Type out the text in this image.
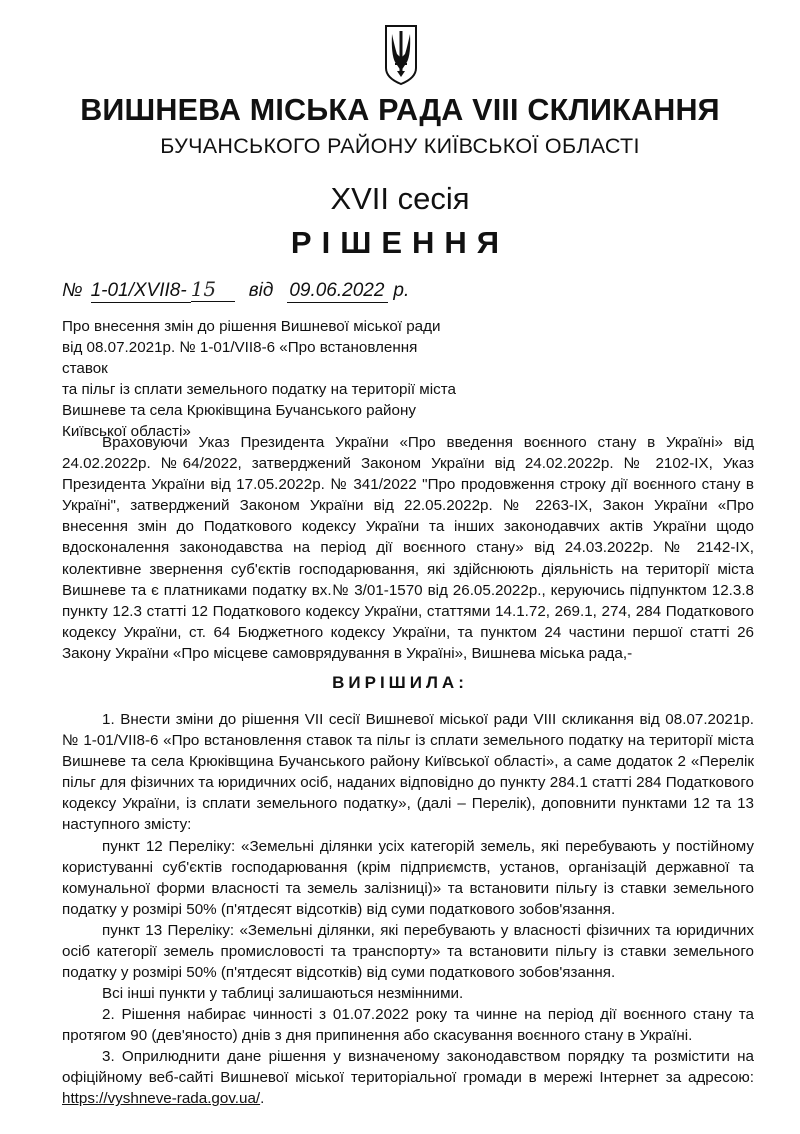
ВИШНЕВА МІСЬКА РАДА VIII СКЛИКАННЯ
БУЧАНСЬКОГО РАЙОНУ КИЇВСЬКОЇ ОБЛАСТІ
XVII сесія
РІШЕННЯ
№ 1-01/XVII8- 15	від 09.06.2022 р.
Про внесення змін до рішення Вишневої міської ради
від 08.07.2021р. № 1-01/VII8-6 «Про встановлення ставок
та пільг із сплати земельного податку на території міста
Вишневе та села Крюківщина Бучанського району
Київської області»

Враховуючи Указ Президента України «Про введення воєнного стану в Україні» від 24.02.2022р. №64/2022, затверджений Законом України від 24.02.2022р. № 2102-IX, Указ Президента України від 17.05.2022р. № 341/2022 "Про продовження строку дії воєнного стану в Україні", затверджений Законом України від 22.05.2022р. № 2263-IX, Закон України «Про внесення змін до Податкового кодексу України та інших законодавчих актів України щодо вдосконалення законодавства на період дії воєнного стану» від 24.03.2022р. № 2142-IX, колективне звернення суб'єктів господарювання, які здійснюють діяльність на території міста Вишневе та є платниками податку вх.№ 3/01-1570 від 26.05.2022р., керуючись підпунктом 12.3.8 пункту 12.3 статті 12 Податкового кодексу України, статтями 14.1.72, 269.1, 274, 284 Податкового кодексу України, ст. 64 Бюджетного кодексу України, та пунктом 24 частини першої статті 26 Закону України «Про місцеве самоврядування в Україні», Вишнева міська рада,-

ВИРІШИЛА:

1. Внести зміни до рішення VII сесії Вишневої міської ради VIII скликання від 08.07.2021р. № 1-01/VII8-6 «Про встановлення ставок та пільг із сплати земельного податку на території міста Вишневе та села Крюківщина Бучанського району Київської області», а саме додаток 2 «Перелік пільг для фізичних та юридичних осіб, наданих відповідно до пункту 284.1 статті 284 Податкового кодексу України, із сплати земельного податку», (далі – Перелік), доповнити пунктами 12 та 13 наступного змісту:

пункт 12 Переліку: «Земельні ділянки усіх категорій земель, які перебувають у постійному користуванні суб'єктів господарювання (крім підприємств, установ, організацій державної та комунальної форми власності та земель залізниці)» та встановити пільгу із ставки земельного податку у розмірі 50% (п'ятдесят відсотків) від суми податкового зобов'язання.

пункт 13 Переліку: «Земельні ділянки, які перебувають у власності фізичних та юридичних осіб категорії земель промисловості та транспорту» та встановити пільгу із ставки земельного податку у розмірі 50% (п'ятдесят відсотків) від суми податкового зобов'язання.

Всі інші пункти у таблиці залишаються незмінними.

2. Рішення набирає чинності з 01.07.2022 року та чинне на період дії воєнного стану та протягом 90 (дев'яносто) днів з дня припинення або скасування воєнного стану в Україні.

3. Оприлюднити дане рішення у визначеному законодавством порядку та розмістити на офіційному веб-сайті Вишневої міської територіальної громади в мережі Інтернет за адресою: https://vyshneve-rada.gov.ua/.
